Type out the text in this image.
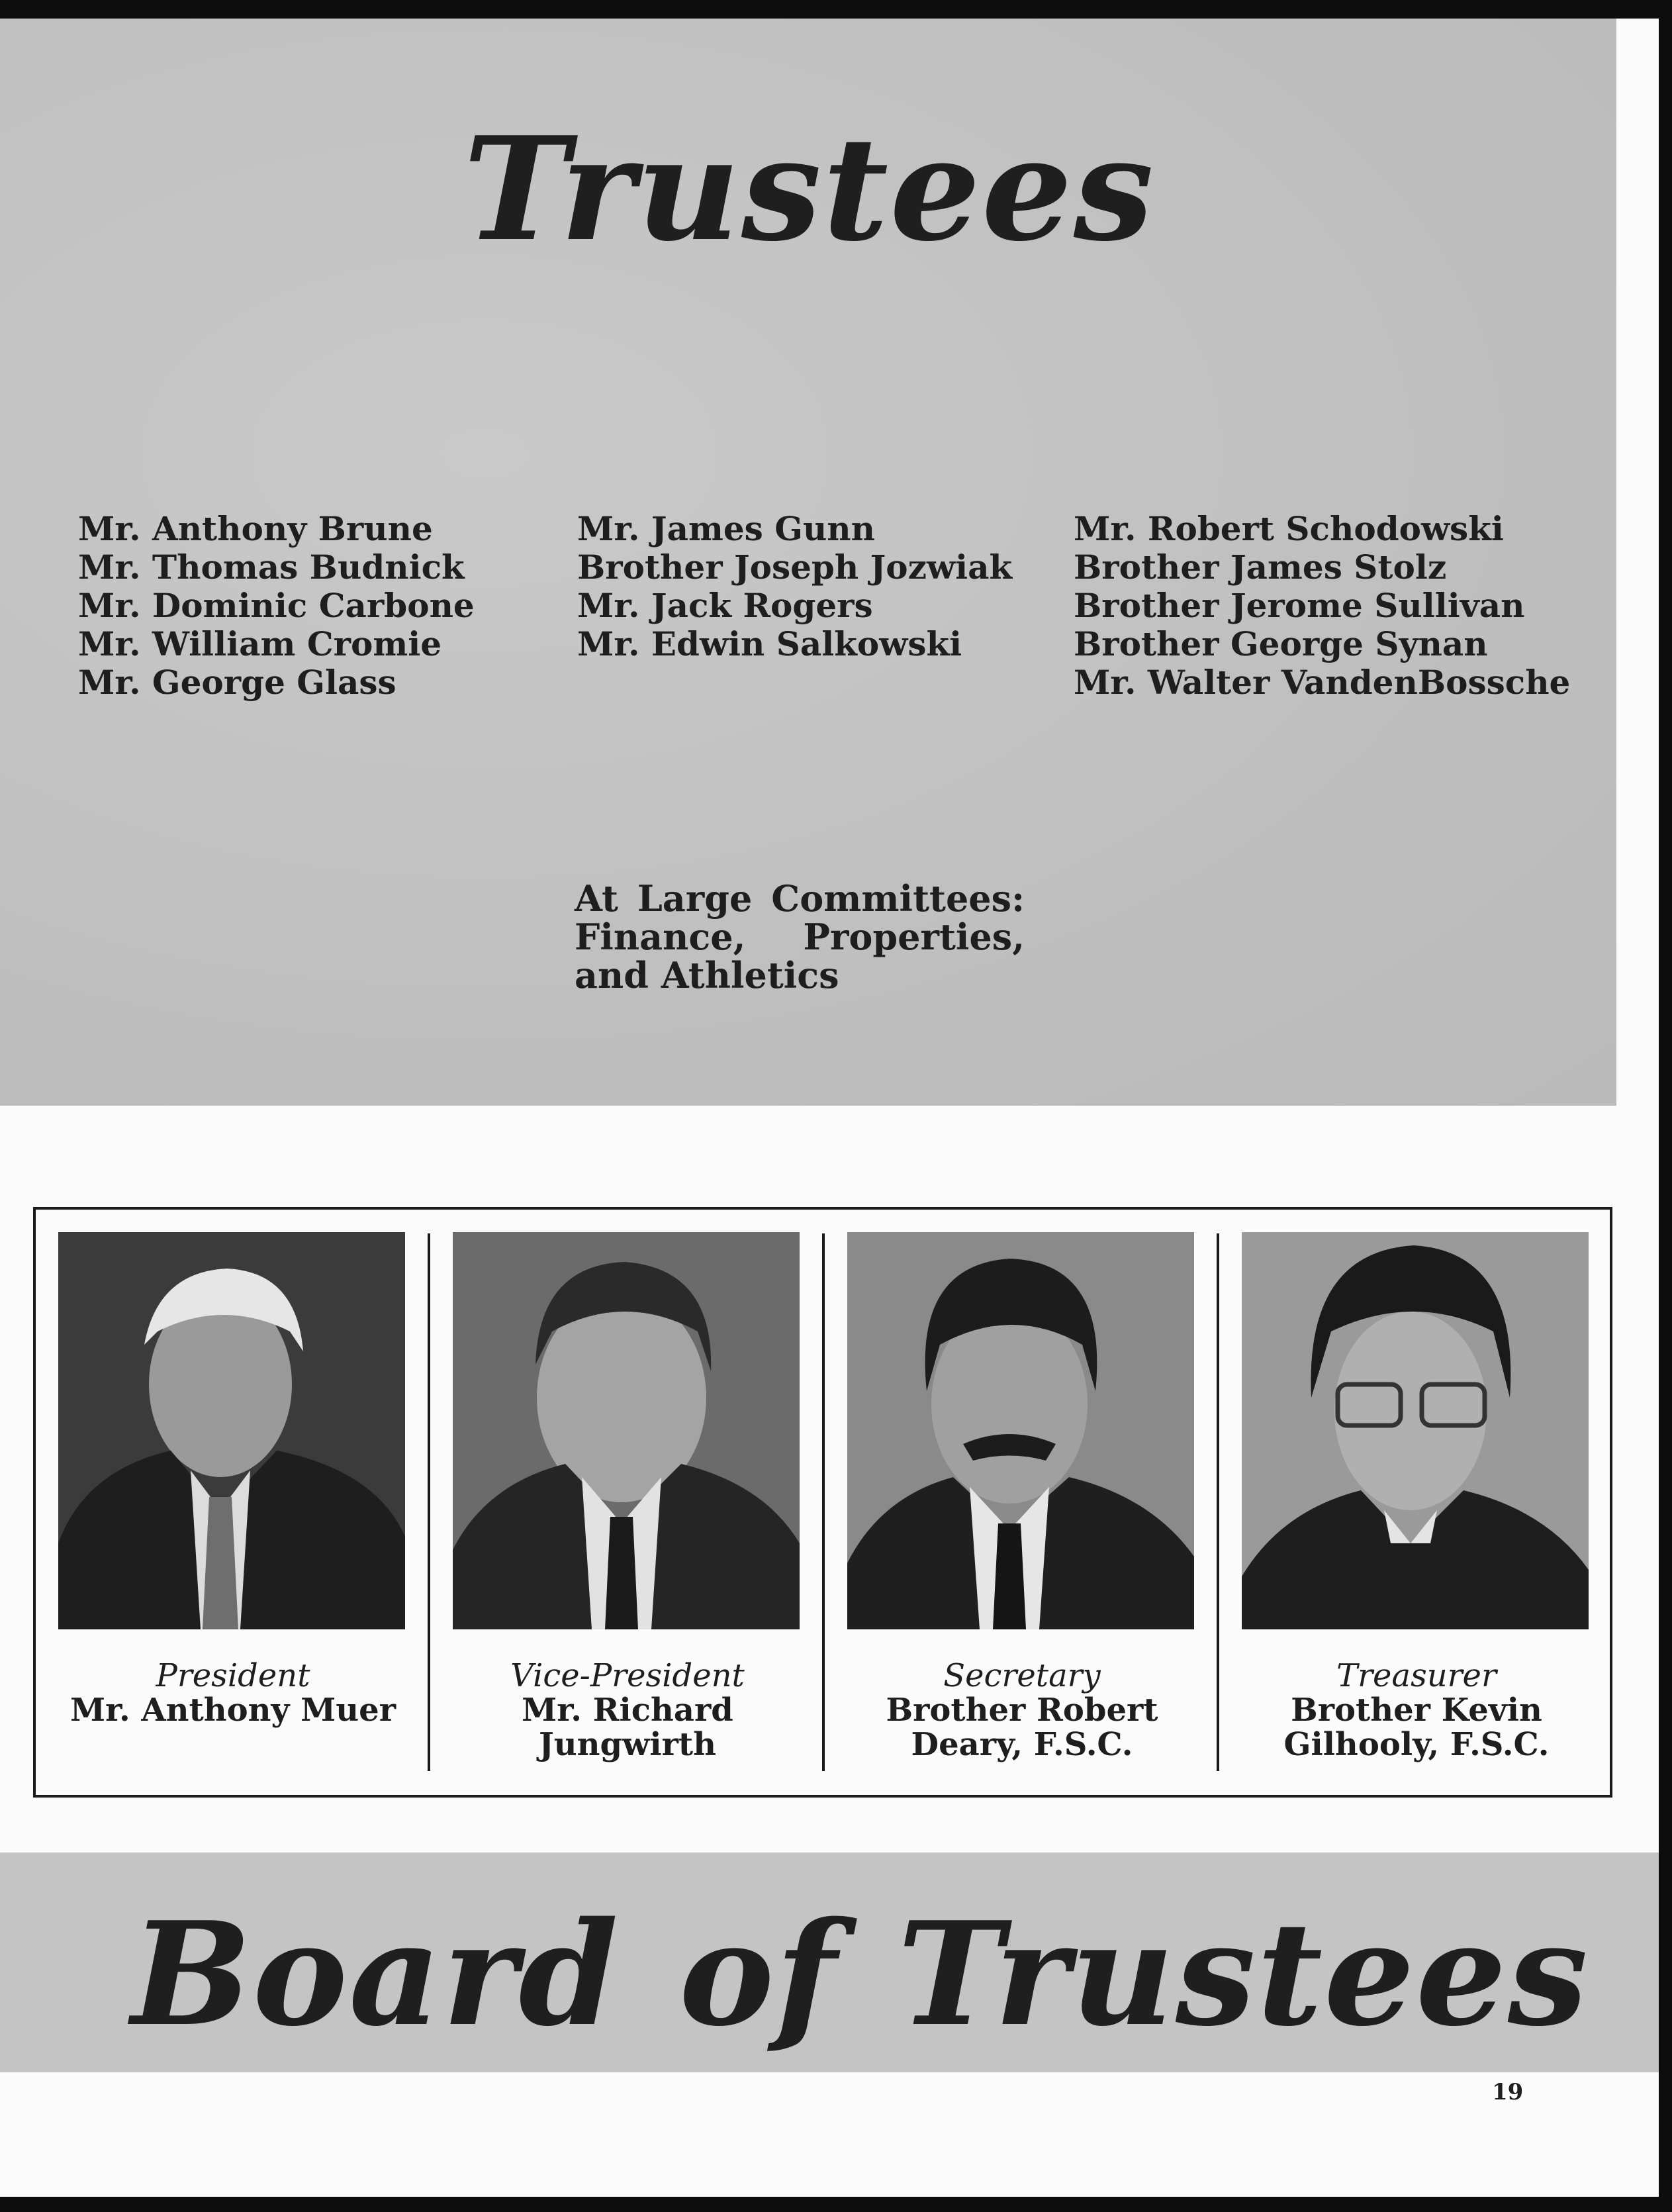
Trustees
Mr. Anthony Brune
Mr. Thomas Budnick
Mr. Dominic Carbone
Mr. William Cromie
Mr. George Glass
Mr. James Gunn
Brother Joseph Jozwiak
Mr. Jack Rogers
Mr. Edwin Salkowski
Mr. Robert Schodowski
Brother James Stolz
Brother Jerome Sullivan
Brother George Synan
Mr. Walter VandenBossche
At Large Committees:
Finance, Properties,
and Athletics
President
Mr. Anthony Muer
Vice-President
Mr. Richard Jungwirth
Secretary
Brother Robert Deary, F.S.C.
Treasurer
Brother Kevin Gilhooly, F.S.C.
Board of Trustees
19
